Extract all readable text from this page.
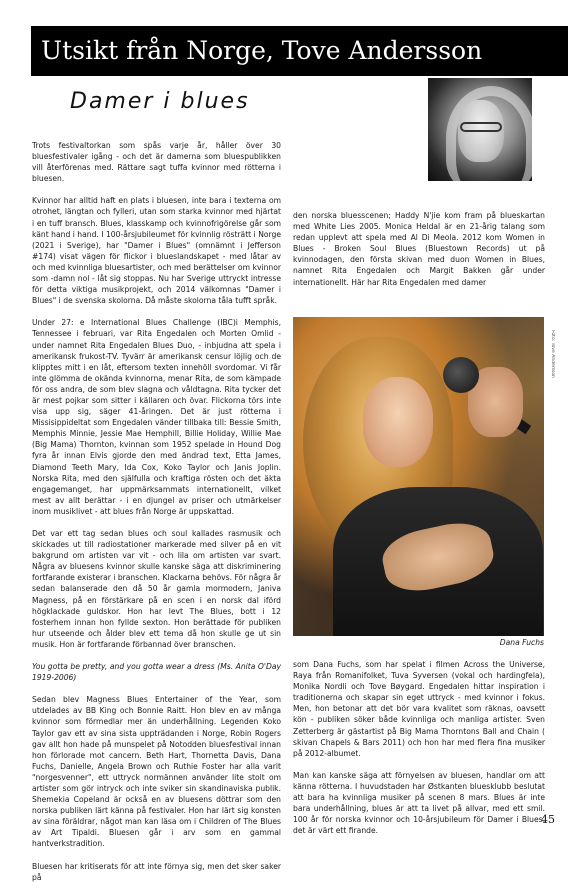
Utsikt från Norge, Tove Andersson
Damer i blues

Trots festivaltorkan som spås varje år, håller över 30 bluesfestivaler igång - och det är damerna som bluespublikken vill återförenas med. Rättare sagt tuffa kvinnor med rötterna i bluesen.

Kvinnor har alltid haft en plats i bluesen, inte bara i texterna om otrohet, längtan och fylleri, utan som starka kvinnor med hjärtat i en tuff bransch. Blues, klasskamp och kvinnofrigörelse går som känt hand i hand. I 100-årsjubileumet för kvinnlig rösträtt i Norge (2021 i Sverige), har "Damer i Blues" (omnämnt i Jefferson #174) visat vägen för flickor i blueslandskapet - med låtar av och med kvinnliga bluesartister, och med berättelser om kvinnor som -damn nol - låt sig stoppas. Nu har Sverige uttryckt intresse för detta viktiga musikprojekt, och 2014 välkomnas "Damer i Blues" i de svenska skolorna. Då måste skolorna tåla tufft språk.

Under 27: e International Blues Challenge (IBC)i Memphis, Tennessee i februari, var Rita Engedalen och Morten Omlid - under namnet Rita Engedalen Blues Duo, - inbjudna att spela i amerikansk frukost-TV. Tyvärr är amerikansk censur löjlig och de klipptes mitt i en låt, eftersom texten innehöll svordomar. Vi får inte glömma de okända kvinnorna, menar Rita, de som kämpade för oss andra, de som blev slagna och våldtagna. Rita tycker det är mest pojkar som sitter i källaren och övar. Flickorna törs inte visa upp sig, säger 41-åringen. Det är just rötterna i Missisippideltat som Engedalen vänder tillbaka till: Bessie Smith, Memphis Minnie, Jessie Mae Hemphill, Billie Holiday, Willie Mae (Big Mama) Thornton, kvinnan som 1952 spelade in Hound Dog fyra år innan Elvis gjorde den med ändrad text, Etta James, Diamond Teeth Mary, Ida Cox, Koko Taylor och Janis Joplin. Norska Rita, med den själfulla och kraftiga rösten och det äkta engagemanget, har uppmärksammats internationellt, vilket mest av allt berättar - i en djungel av priser och utmärkelser inom musiklivet - att blues från Norge är uppskattad.

Det var ett tag sedan blues och soul kallades rasmusik och skickades ut till radiostationer markerade med silver på en vit bakgrund om artisten var vit - och lila om artisten var svart. Några av bluesens kvinnor skulle kanske säga att diskriminering fortfarande existerar i branschen. Klackarna behövs. För några år sedan balanserade den då 50 år gamla mormodern, Janiva Magness, på en förstärkare på en scen i en norsk dal iförd högklackade guldskor. Hon har levt The Blues, bott i 12 fosterhem innan hon fyllde sexton. Hon berättade för publiken hur utseende och ålder blev ett tema då hon skulle ge ut sin musik. Hon är fortfarande förbannad över branschen.

You gotta be pretty, and you gotta wear a dress (Ms. Anita O'Day 1919-2006)

Sedan blev Magness Blues Entertainer of the Year, som utdelades av BB King och Bonnie Raitt. Hon blev en av många kvinnor som förmedlar mer än underhållning. Legenden Koko Taylor gav ett av sina sista uppträdanden i Norge, Robin Rogers gav allt hon hade på munspelet på Notodden bluesfestival innan hon förlorade mot cancern. Beth Hart, Thornetta Davis, Dana Fuchs, Danielle, Angela Brown och Ruthie Foster har alla varit "norgesvenner", ett uttryck normännen använder lite stolt om artister som gör intryck och inte sviker sin skandinaviska publik. Shemekia Copeland är också en av bluesens döttrar som den norska publiken lärt känna på festivaler. Hon har lärt sig konsten av sina föräldrar, något man kan läsa om i Children of The Blues av Art Tipaldi. Bluesen går i arv som en gammal hantverkstradition.

Bluesen har kritiserats för att inte förnya sig, men det sker saker på

den norska bluesscenen; Haddy N'jie kom fram på blueskartan med White Lies 2005. Monica Heldal är en 21-årig talang som redan upplevt att spela med Al Di Meola. 2012 kom Women in Blues - Broken Soul Blues (Bluestown Records) ut på kvinnodagen, den första skivan med duon Women in Blues, namnet Rita Engedalen och Margit Bakken går under internationellt. Här har Rita Engedalen med damer

Foto: Tove Andersson
Dana Fuchs

som Dana Fuchs, som har spelat i filmen Across the Universe, Raya från Romanifolket, Tuva Syversen (vokal och hardingfela), Monika Nordli och Tove Bøygard. Engedalen hittar inspiration i traditionerna och skapar sin eget uttryck - med kvinnor i fokus. Men, hon betonar att det bör vara kvalitet som räknas, oavsett kön - publiken söker både kvinnliga och manliga artister. Sven Zetterberg är gästartist på Big Mama Thorntons Ball and Chain ( skivan Chapels & Bars 2011) och hon har med flera fina musiker på 2012-albumet.

Man kan kanske säga att förnyelsen av bluesen, handlar om att känna rötterna. I huvudstaden har Østkanten bluesklubb beslutat att bara ha kvinnliga musiker på scenen 8 mars. Blues är inte bara underhållning, blues är att ta livet på allvar, med ett smil. 100 år för norska kvinnor och 10-årsjubileum för Damer i Blues, det är värt ett firande.

45
